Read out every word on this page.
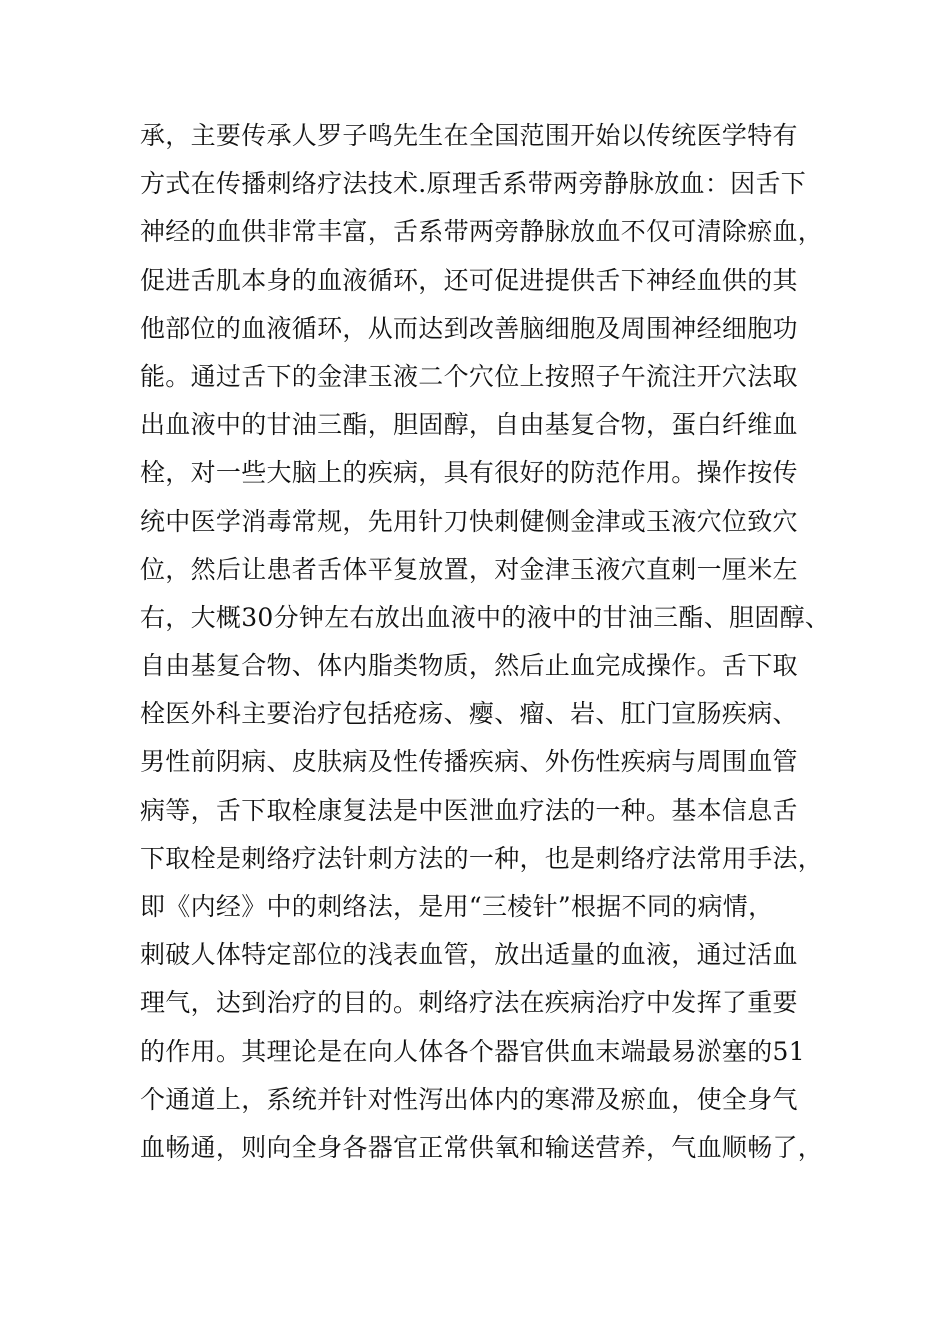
承，主要传承人罗子鸣先生在全国范围开始以传统医学特有
方式在传播刺络疗法技术.原理舌系带两旁静脉放血：因舌下
神经的血供非常丰富，舌系带两旁静脉放血不仅可清除瘀血，
促进舌肌本身的血液循环，还可促进提供舌下神经血供的其
他部位的血液循环，从而达到改善脑细胞及周围神经细胞功
能。通过舌下的金津玉液二个穴位上按照子午流注开穴法取
出血液中的甘油三酯，胆固醇，自由基复合物，蛋白纤维血
栓，对一些大脑上的疾病，具有很好的防范作用。操作按传
统中医学消毒常规，先用针刀快刺健侧金津或玉液穴位致穴
位，然后让患者舌体平复放置，对金津玉液穴直刺一厘米左
右，大概30分钟左右放出血液中的液中的甘油三酯、胆固醇、
自由基复合物、体内脂类物质，然后止血完成操作。舌下取
栓医外科主要治疗包括疮疡、瘿、瘤、岩、肛门宣肠疾病、
男性前阴病、皮肤病及性传播疾病、外伤性疾病与周围血管
病等，舌下取栓康复法是中医泄血疗法的一种。基本信息舌
下取栓是刺络疗法针刺方法的一种，也是刺络疗法常用手法，
即《内经》中的刺络法，是用“三棱针”根据不同的病情，
刺破人体特定部位的浅表血管，放出适量的血液，通过活血
理气，达到治疗的目的。刺络疗法在疾病治疗中发挥了重要
的作用。其理论是在向人体各个器官供血末端最易淤塞的51
个通道上，系统并针对性泻出体内的寒滞及瘀血，使全身气
血畅通，则向全身各器官正常供氧和输送营养，气血顺畅了，
